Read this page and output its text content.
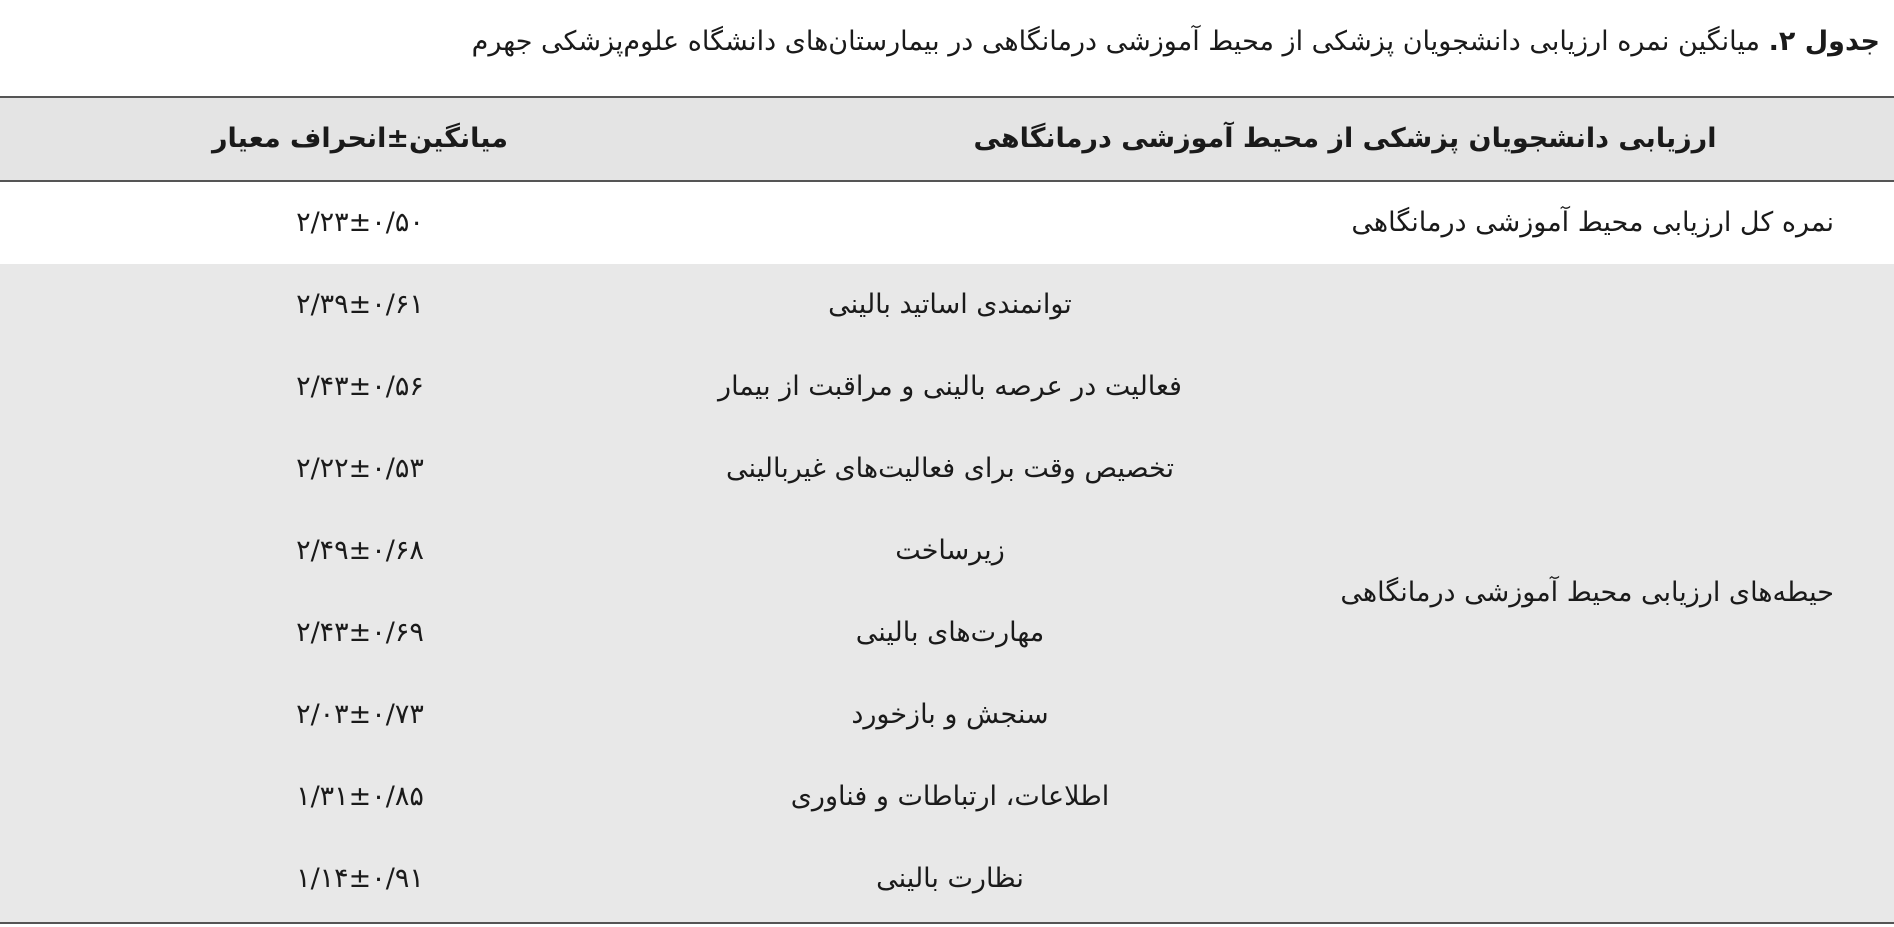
جدول ۲. میانگین نمره ارزیابی دانشجویان پزشکی از محیط آموزشی درمانگاهی در بیمارستان‌های دانشگاه علوم‌پزشکی جهرم
ارزیابی دانشجویان پزشکی از محیط آموزشی درمانگاهی
میانگین±انحراف معیار
نمره کل ارزیابی محیط آموزشی درمانگاهی
۲/۲۳±۰/۵۰
حیطه‌های ارزیابی محیط آموزشی درمانگاهی
توانمندی اساتید بالینی
۲/۳۹±۰/۶۱
فعالیت در عرصه بالینی و مراقبت از بیمار
۲/۴۳±۰/۵۶
تخصیص وقت برای فعالیت‌های غیربالینی
۲/۲۲±۰/۵۳
زیرساخت
۲/۴۹±۰/۶۸
مهارت‌های بالینی
۲/۴۳±۰/۶۹
سنجش و بازخورد
۲/۰۳±۰/۷۳
اطلاعات، ارتباطات و فناوری
۱/۳۱±۰/۸۵
نظارت بالینی
۱/۱۴±۰/۹۱
